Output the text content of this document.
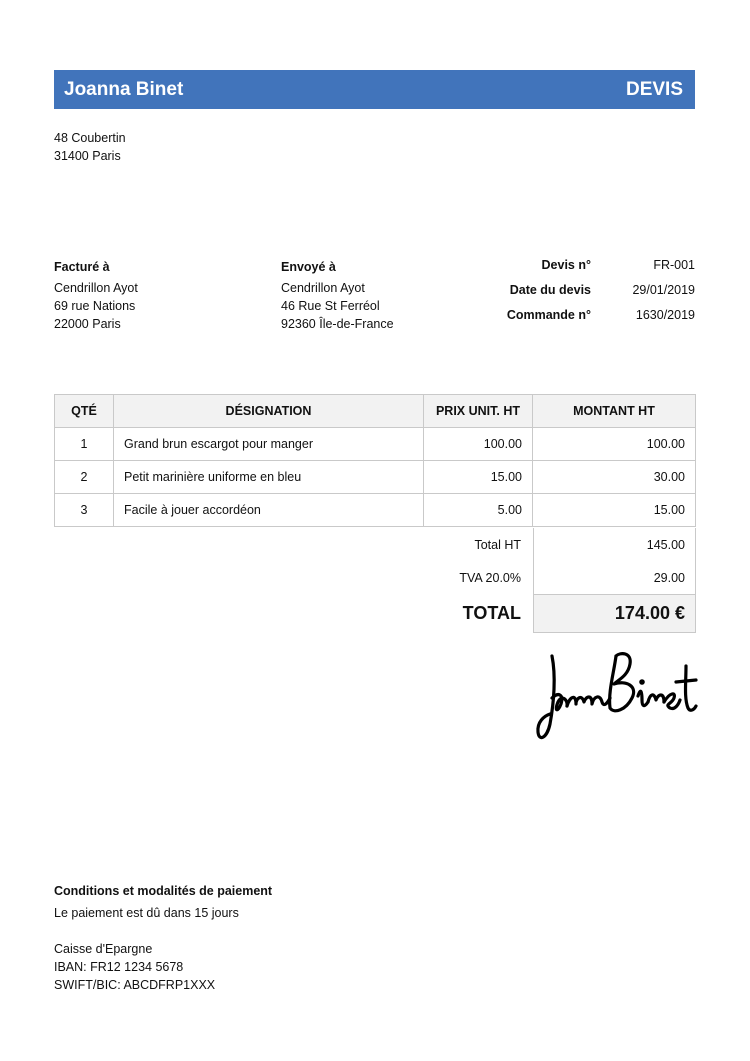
Joanna Binet	DEVIS
48 Coubertin
31400 Paris
Facturé à
Cendrillon Ayot
69 rue Nations
22000 Paris
Envoyé à
Cendrillon Ayot
46 Rue St Ferréol
92360 Île-de-France
Devis n°	FR-001
Date du devis	29/01/2019
Commande n°	1630/2019
QTÉ	DÉSIGNATION	PRIX UNIT. HT	MONTANT HT
1	Grand brun escargot pour manger	100.00	100.00
2	Petit marinière uniforme en bleu	15.00	30.00
3	Facile à jouer accordéon	5.00	15.00
Total HT	145.00
TVA 20.0%	29.00
TOTAL	174.00 €
Conditions et modalités de paiement
Le paiement est dû dans 15 jours
Caisse d'Epargne
IBAN: FR12 1234 5678
SWIFT/BIC: ABCDFRP1XXX
